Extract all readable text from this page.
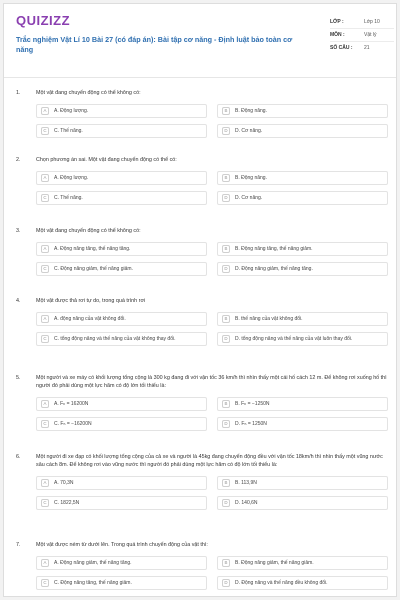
QUIZIZZ
Trắc nghiệm Vật Lí 10 Bài 27 (có đáp án): Bài tập cơ năng - Định luật bảo toàn cơ năng
LỚP :	Lớp 10
MÔN :	Vật lý
SỐ CÂU :	21
1.	Một vật đang chuyển động có thể không có:
A	A. Động lượng.	B	B. Động năng.
C	C. Thế năng.	D	D. Cơ năng.
2.	Chọn phương án sai. Một vật đang chuyển động có thể có:
A	A. Động lượng.	B	B. Động năng.
C	C. Thế năng.	D	D. Cơ năng.
3.	Một vật đang chuyển động có thể không có:
A	A. Động năng tăng, thế năng tăng.	B	B. Động năng tăng, thế năng giảm.
C	C. Động năng giảm, thế năng giảm.	D	D. Động năng giảm, thế năng tăng.
4.	Một vật được thả rơi tự do, trong quá trình rơi
A	A. động năng của vật không đổi.	B	B. thế năng của vật không đổi.
C	C. tổng động năng và thế năng của vật không thay đổi.	D	D. tổng động năng và thế năng của vật luôn thay đổi.
5.	Một người và xe máy có khối lượng tổng cộng là 300 kg đang đi với vận tốc 36 km/h thì nhìn thấy một cái hố cách 12 m. Để không rơi xuống hố thì người đó phải dùng một lực hãm có độ lớn tối thiểu là:
A	A. Fₕ = 16200N	B	B. Fₕ = −1250N
C	C. Fₕ = −16200N	D	D. Fₕ = 1250N
6.	Một người đi xe đạp có khối lượng tổng cộng của cả xe và người là 45kg đang chuyển động đều với vận tốc 18km/h thì nhìn thấy một vũng nước sâu cách 8m. Để không rơi vào vũng nước thì người đó phải dùng một lực hãm có độ lớn tối thiểu là:
A	A. 70,3N	B	B. 113,9N
C	C. 1822,5N	D	D. 140,6N
7.	Một vật được ném từ dưới lên. Trong quá trình chuyển động của vật thì:
A	A. Động năng giảm, thế năng tăng.	B	B. Động năng giảm, thế năng giảm.
C	C. Động năng tăng, thế năng giảm.	D	D. Động năng và thế năng đều không đổi.
